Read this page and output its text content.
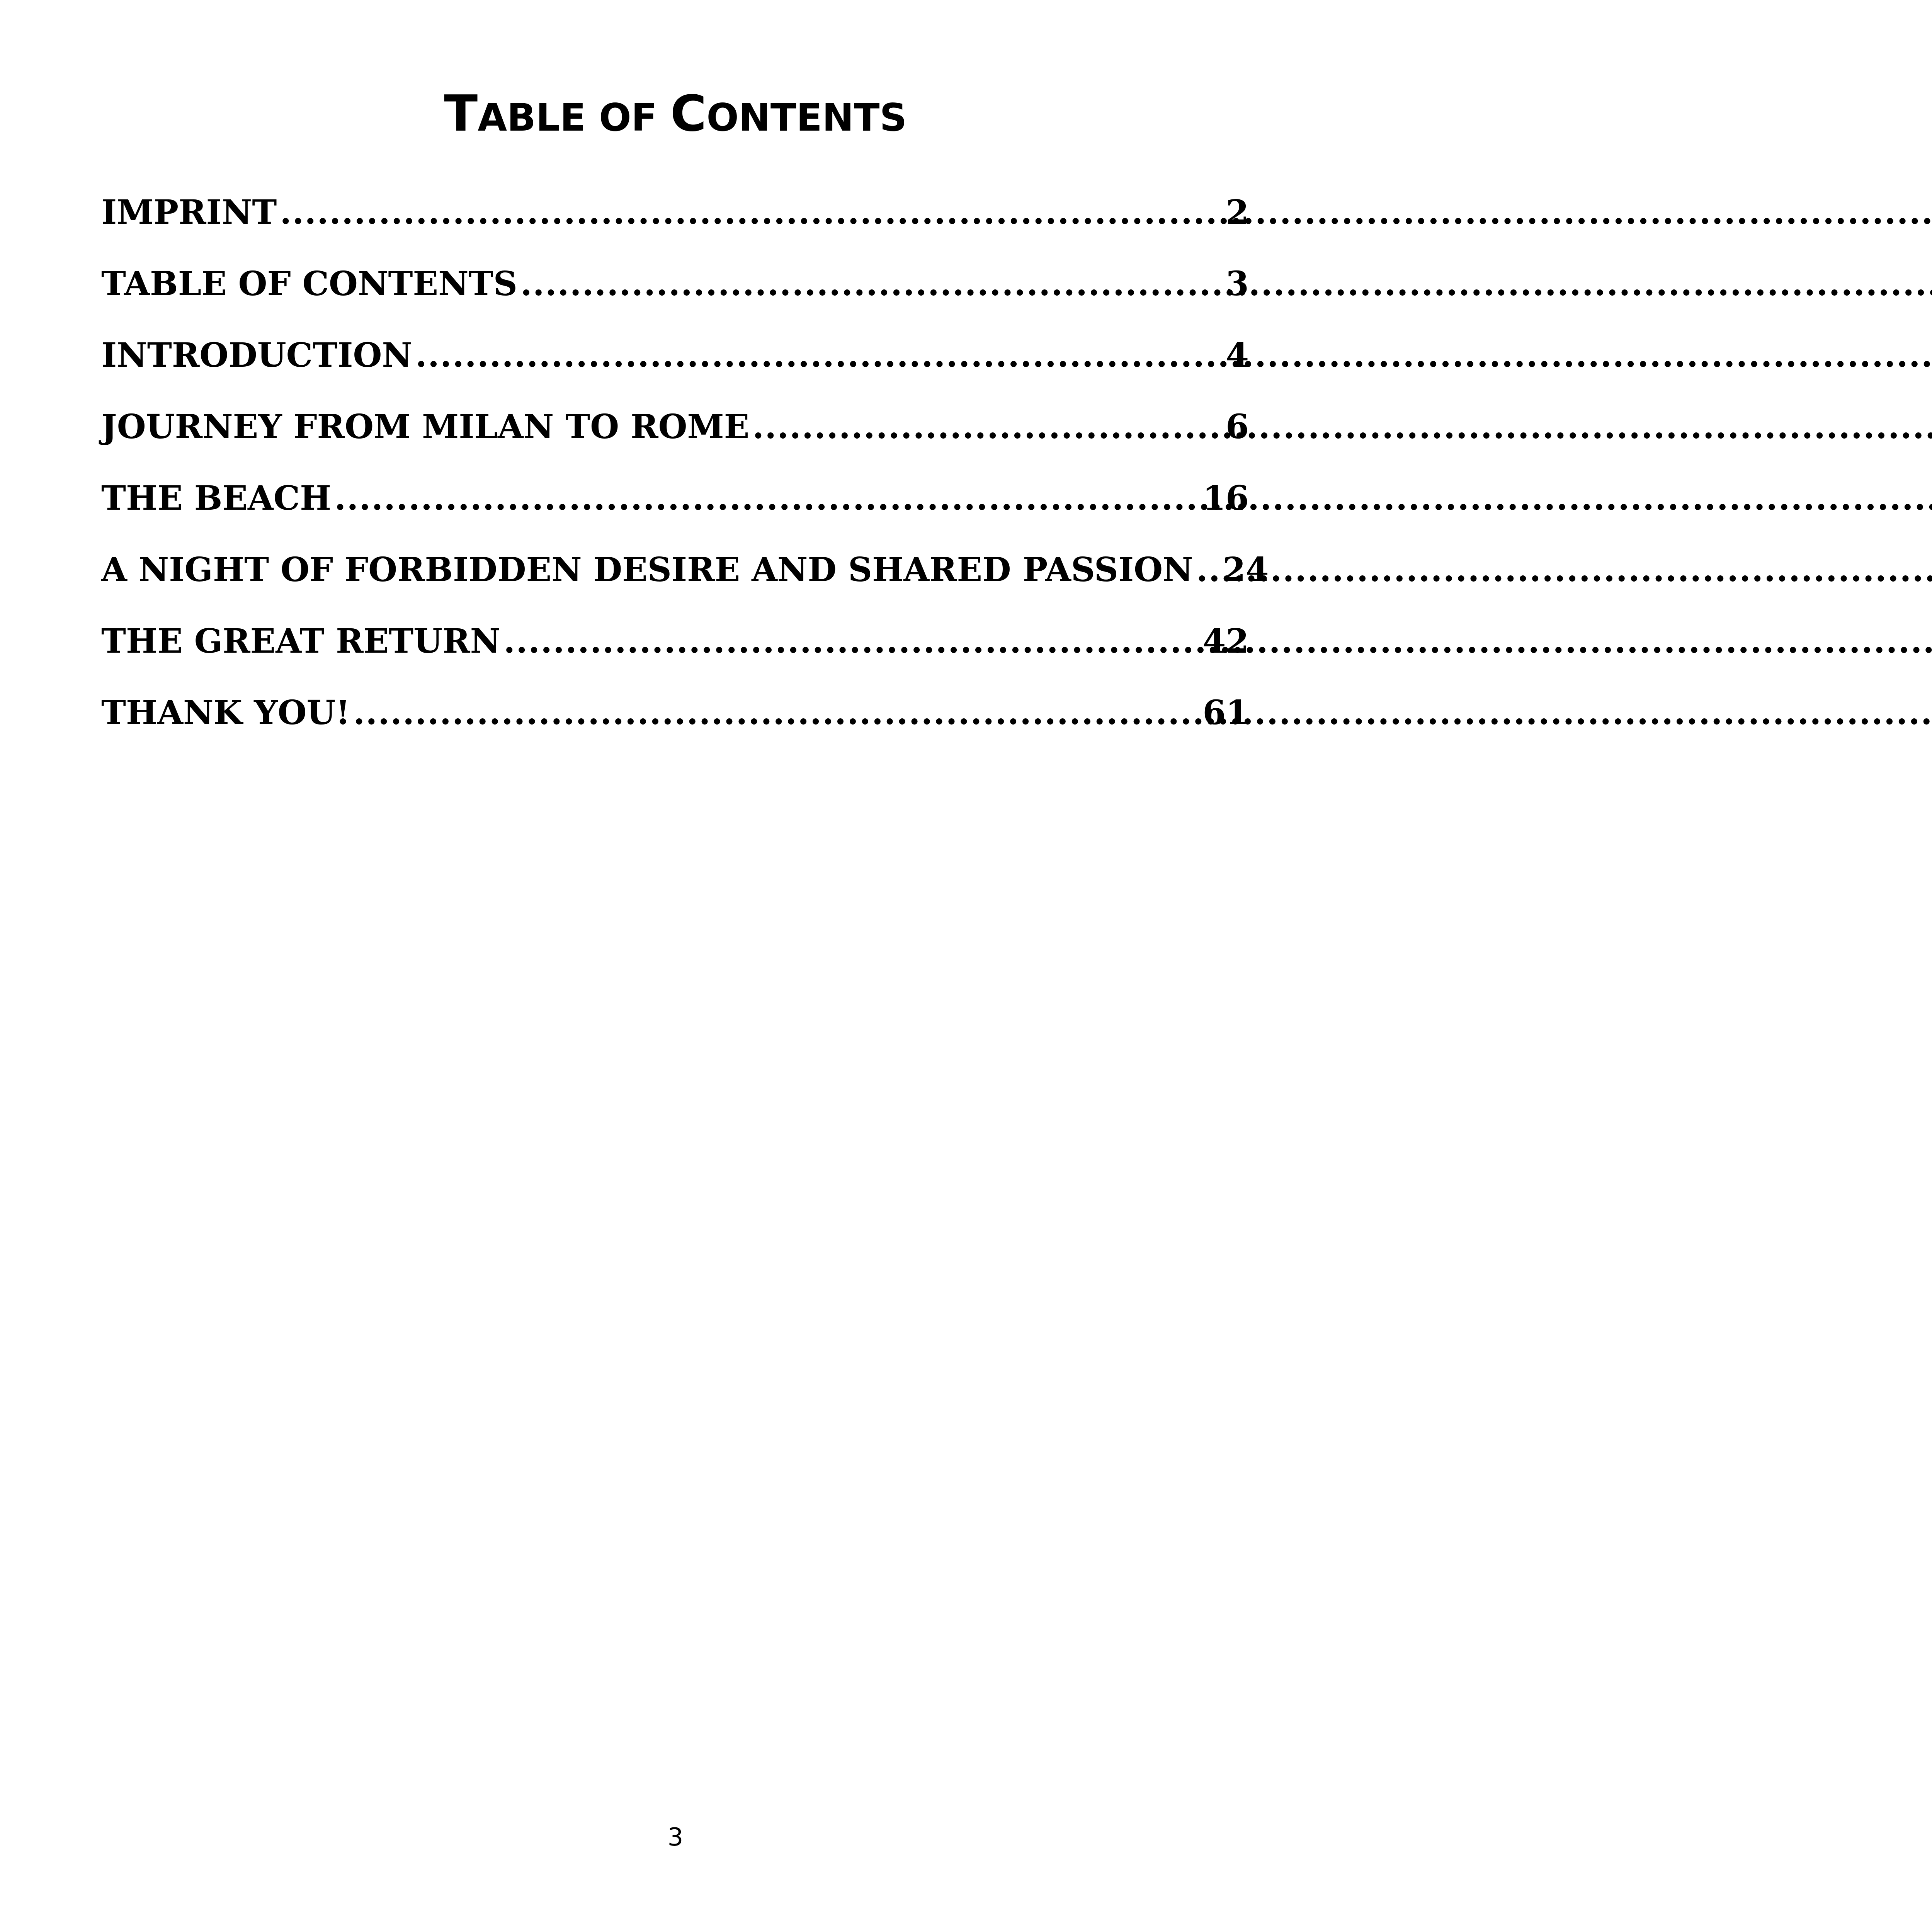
TABLE OF CONTENTS
IMPRINT .....	2
TABLE OF CONTENTS .....	3
INTRODUCTION .....	4
JOURNEY FROM MILAN TO ROME .....	6
THE BEACH .....	16
A NIGHT OF FORBIDDEN DESIRE AND SHARED PASSION ..... 24
THE GREAT RETURN .....	42
THANK YOU! .....	61

3
